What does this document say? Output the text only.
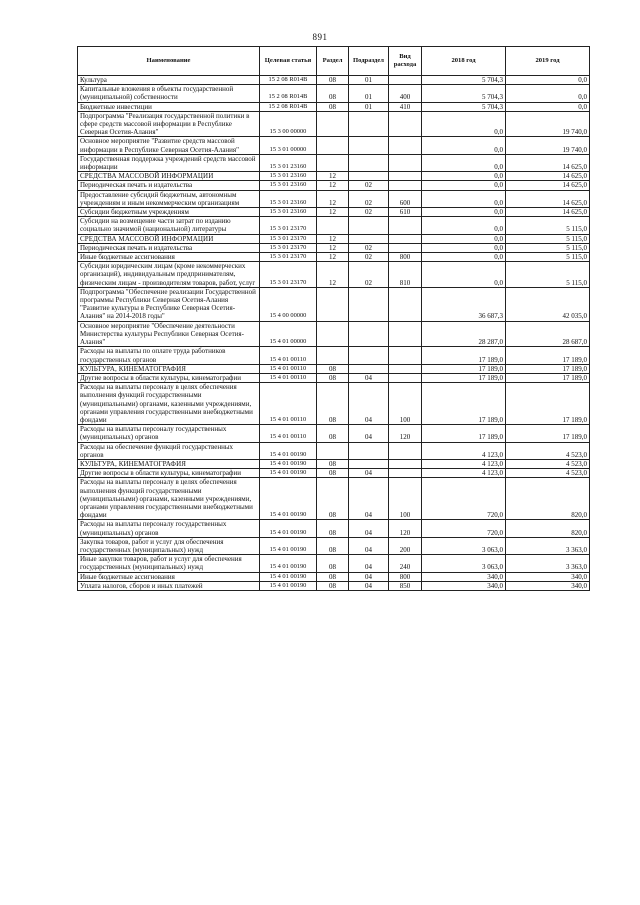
891
Наименование	Целевая статья	Раздел	Подраздел	Вид расхода	2018 год	2019 год
Культура	15 2 08 R014В	08	01		5 704,3	0,0
Капитальные вложения в объекты государственной (муниципальной) собственности	15 2 08 R014В	08	01	400	5 704,3	0,0
Бюджетные инвестиции	15 2 08 R014В	08	01	410	5 704,3	0,0
Подпрограмма "Реализация государственной политики в сфере средств массовой информации в Республике Северная Осетия-Алания"	15 3 00 00000				0,0	19 740,0
Основное мероприятие "Развитие средств массовой информации в Республике Северная Осетия-Алания"	15 3 01 00000				0,0	19 740,0
Государственная поддержка учреждений средств массовой информации	15 3 01 23160				0,0	14 625,0
СРЕДСТВА МАССОВОЙ ИНФОРМАЦИИ	15 3 01 23160	12			0,0	14 625,0
Периодическая печать и издательства	15 3 01 23160	12	02		0,0	14 625,0
Предоставление субсидий бюджетным, автономным учреждениям и иным некоммерческим организациям	15 3 01 23160	12	02	600	0,0	14 625,0
Субсидии бюджетным учреждениям	15 3 01 23160	12	02	610	0,0	14 625,0
Субсидии на возмещение части затрат по изданию социально значимой (национальной) литературы	15 3 01 23170				0,0	5 115,0
СРЕДСТВА МАССОВОЙ ИНФОРМАЦИИ	15 3 01 23170	12			0,0	5 115,0
Периодическая печать и издательства	15 3 01 23170	12	02		0,0	5 115,0
Иные бюджетные ассигнования	15 3 01 23170	12	02	800	0,0	5 115,0
Субсидии юридическим лицам (кроме некоммерческих организаций), индивидуальным предпринимателям, физическим лицам - производителям товаров, работ, услуг	15 3 01 23170	12	02	810	0,0	5 115,0
Подпрограмма "Обеспечение реализации Государственной программы Республики Северная Осетия-Алания "Развитие культуры в Республике Северная Осетия-Алания" на 2014-2018 годы"	15 4 00 00000				36 687,3	42 035,0
Основное мероприятие "Обеспечение деятельности Министерства культуры Республики Северная Осетия-Алания"	15 4 01 00000				28 287,0	28 687,0
Расходы на выплаты по оплате труда работников государственных органов	15 4 01 00110				17 189,0	17 189,0
КУЛЬТУРА, КИНЕМАТОГРАФИЯ	15 4 01 00110	08			17 189,0	17 189,0
Другие вопросы в области культуры, кинематографии	15 4 01 00110	08	04		17 189,0	17 189,0
Расходы на выплаты персоналу в целях обеспечения выполнения функций государственными (муниципальными) органами, казенными учреждениями, органами управления государственными внебюджетными фондами	15 4 01 00110	08	04	100	17 189,0	17 189,0
Расходы на выплаты персоналу государственных (муниципальных) органов	15 4 01 00110	08	04	120	17 189,0	17 189,0
Расходы на обеспечение функций государственных органов	15 4 01 00190				4 123,0	4 523,0
КУЛЬТУРА, КИНЕМАТОГРАФИЯ	15 4 01 00190	08			4 123,0	4 523,0
Другие вопросы в области культуры, кинематографии	15 4 01 00190	08	04		4 123,0	4 523,0
Расходы на выплаты персоналу в целях обеспечения выполнения функций государственными (муниципальными) органами, казенными учреждениями, органами управления государственными внебюджетными фондами	15 4 01 00190	08	04	100	720,0	820,0
Расходы на выплаты персоналу государственных (муниципальных) органов	15 4 01 00190	08	04	120	720,0	820,0
Закупка товаров, работ и услуг для обеспечения государственных (муниципальных) нужд	15 4 01 00190	08	04	200	3 063,0	3 363,0
Иные закупки товаров, работ и услуг для обеспечения государственных (муниципальных) нужд	15 4 01 00190	08	04	240	3 063,0	3 363,0
Иные бюджетные ассигнования	15 4 01 00190	08	04	800	340,0	340,0
Уплата налогов, сборов и иных платежей	15 4 01 00190	08	04	850	340,0	340,0
